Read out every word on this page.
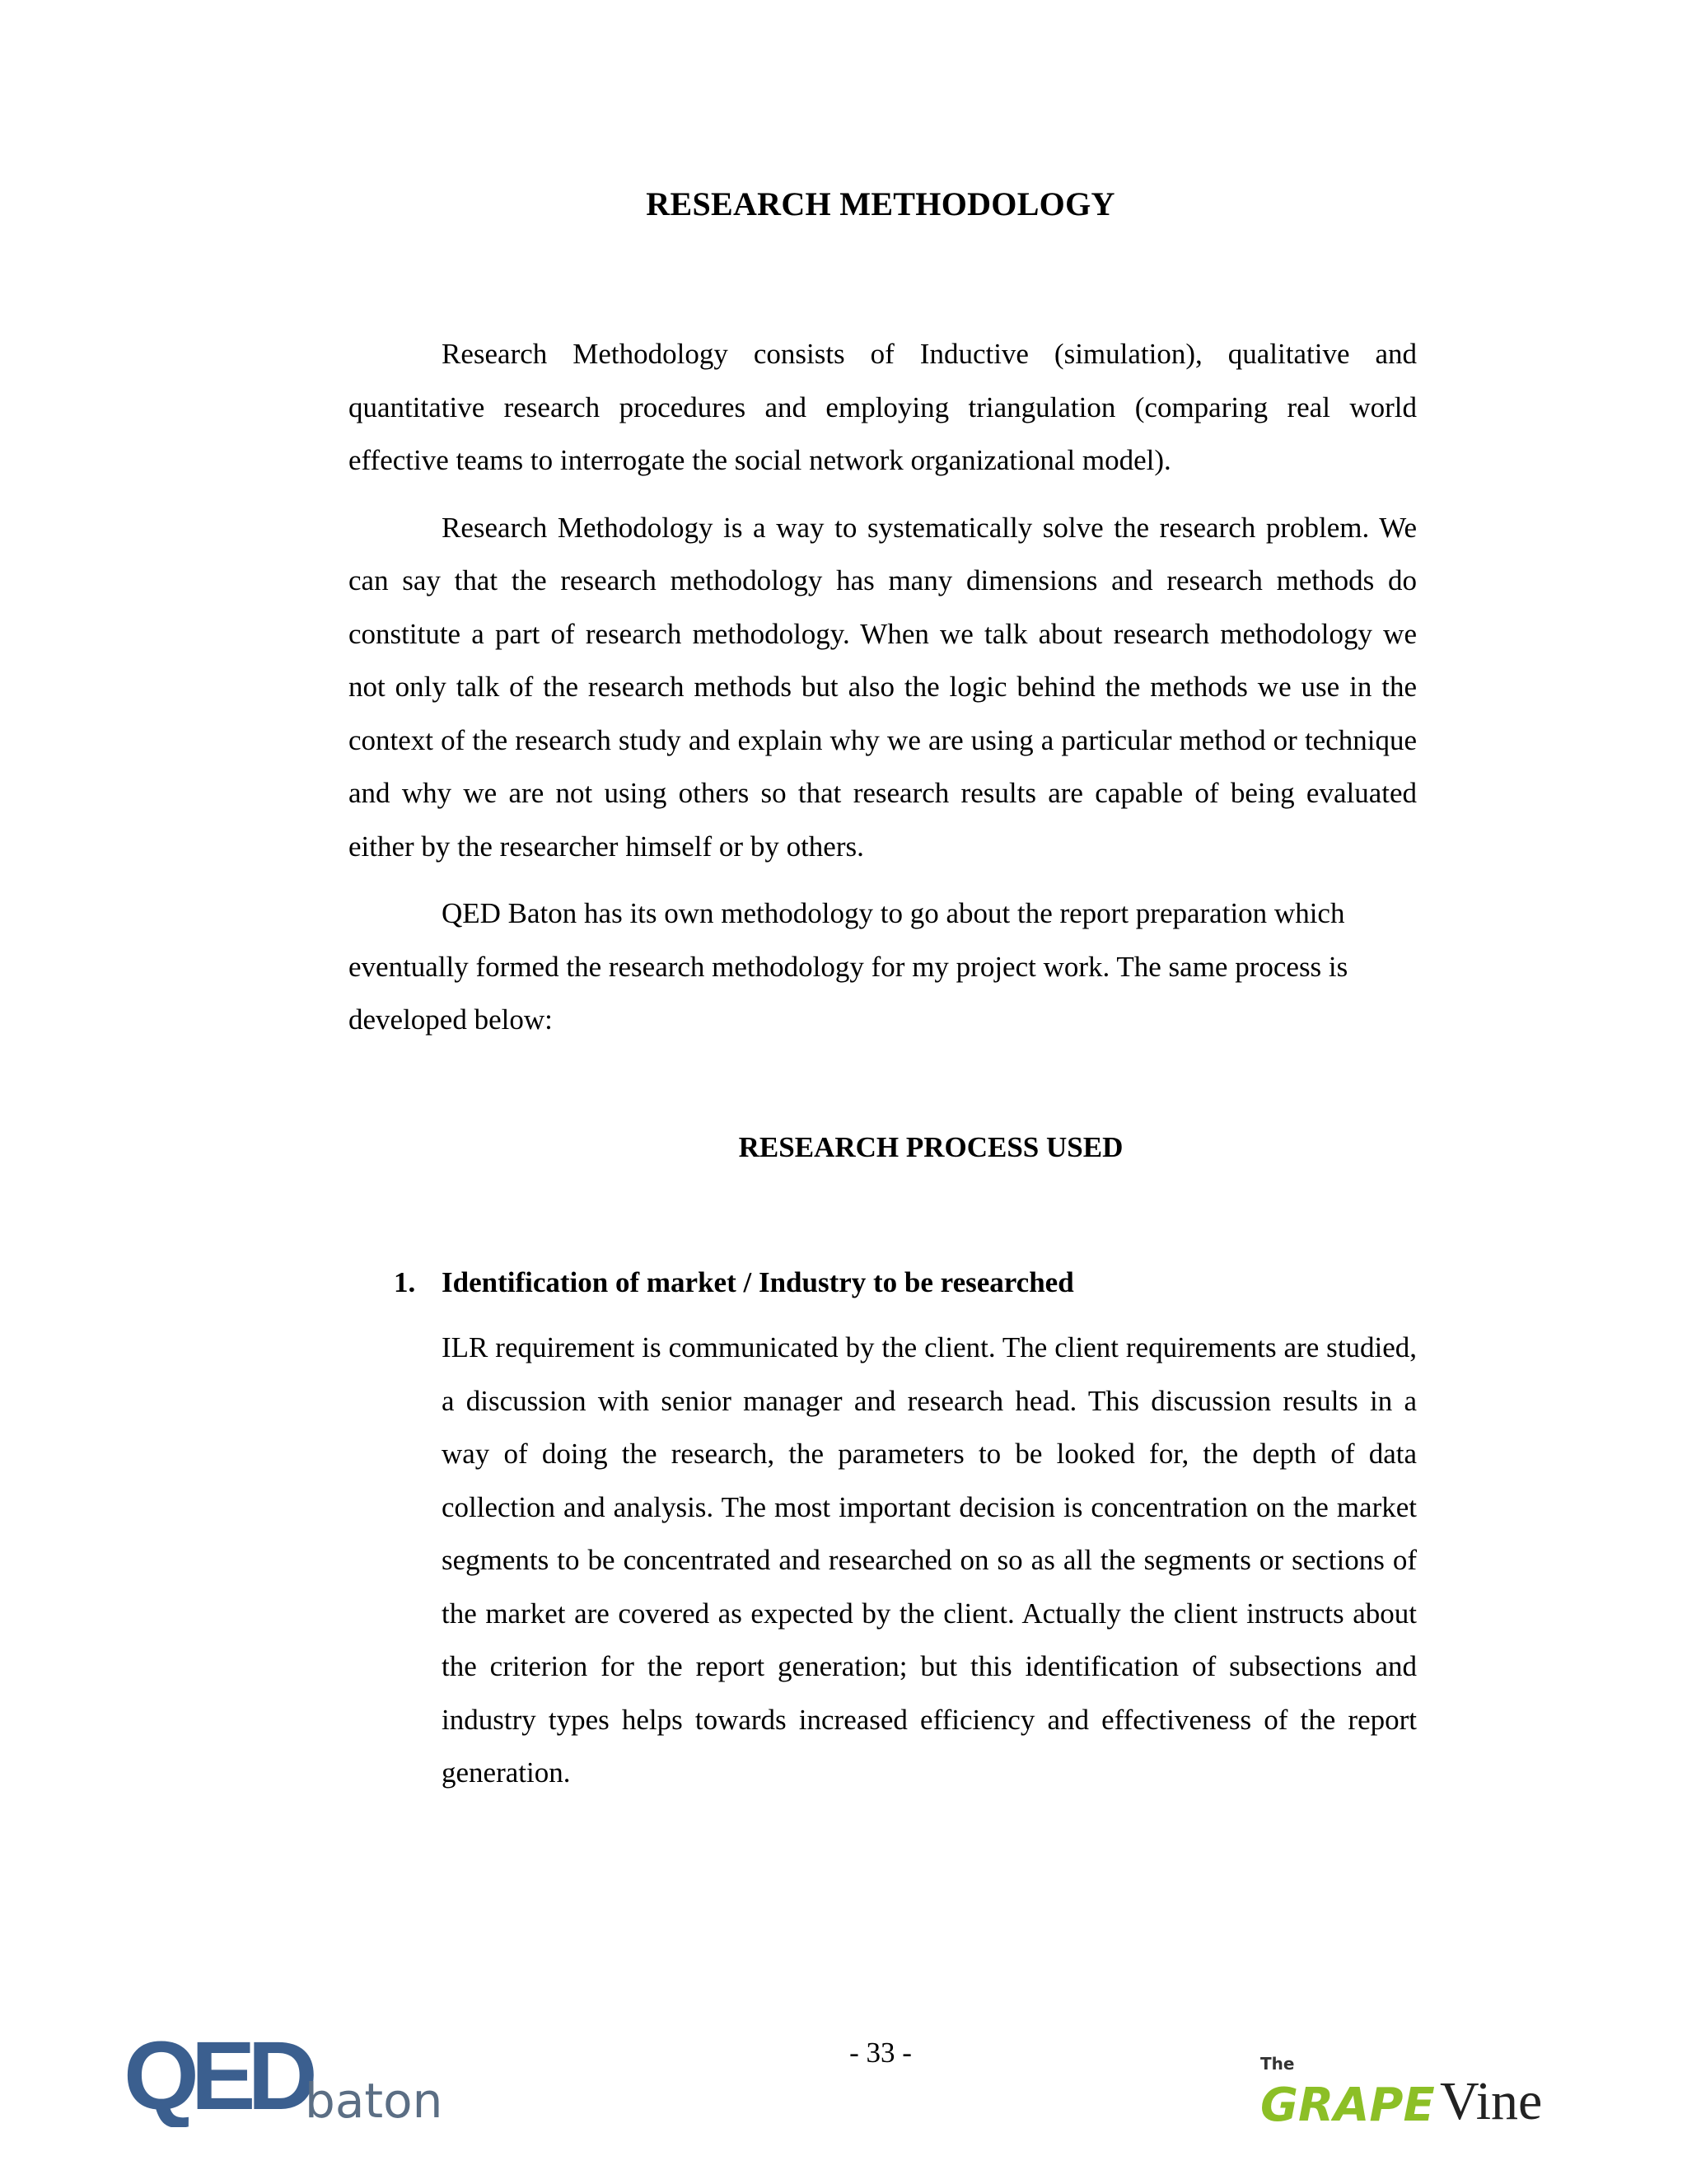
RESEARCH METHODOLOGY

Research Methodology consists of Inductive (simulation), qualitative and quantitative research procedures and employing triangulation (comparing real world effective teams to interrogate the social network organizational model).

Research Methodology is a way to systematically solve the research problem. We can say that the research methodology has many dimensions and research methods do constitute a part of research methodology. When we talk about research methodology we not only talk of the research methods but also the logic behind the methods we use in the context of the research study and explain why we are using a particular method or technique and why we are not using others so that research results are capable of being evaluated either by the researcher himself or by others.

QED Baton has its own methodology to go about the report preparation which eventually formed the research methodology for my project work. The same process is developed below:

RESEARCH PROCESS USED
1. Identification of market / Industry to be researched

ILR requirement is communicated by the client. The client requirements are studied, a discussion with senior manager and research head. This discussion results in a way of doing the research, the parameters to be looked for, the depth of data collection and analysis. The most important decision is concentration on the market segments to be concentrated and researched on so as all the segments or sections of the market are covered as expected by the client. Actually the client instructs about the criterion for the report generation; but this identification of subsections and industry types helps towards increased efficiency and effectiveness of the report generation.

- 33 -
QED
baton
The
GRAPE Vine
